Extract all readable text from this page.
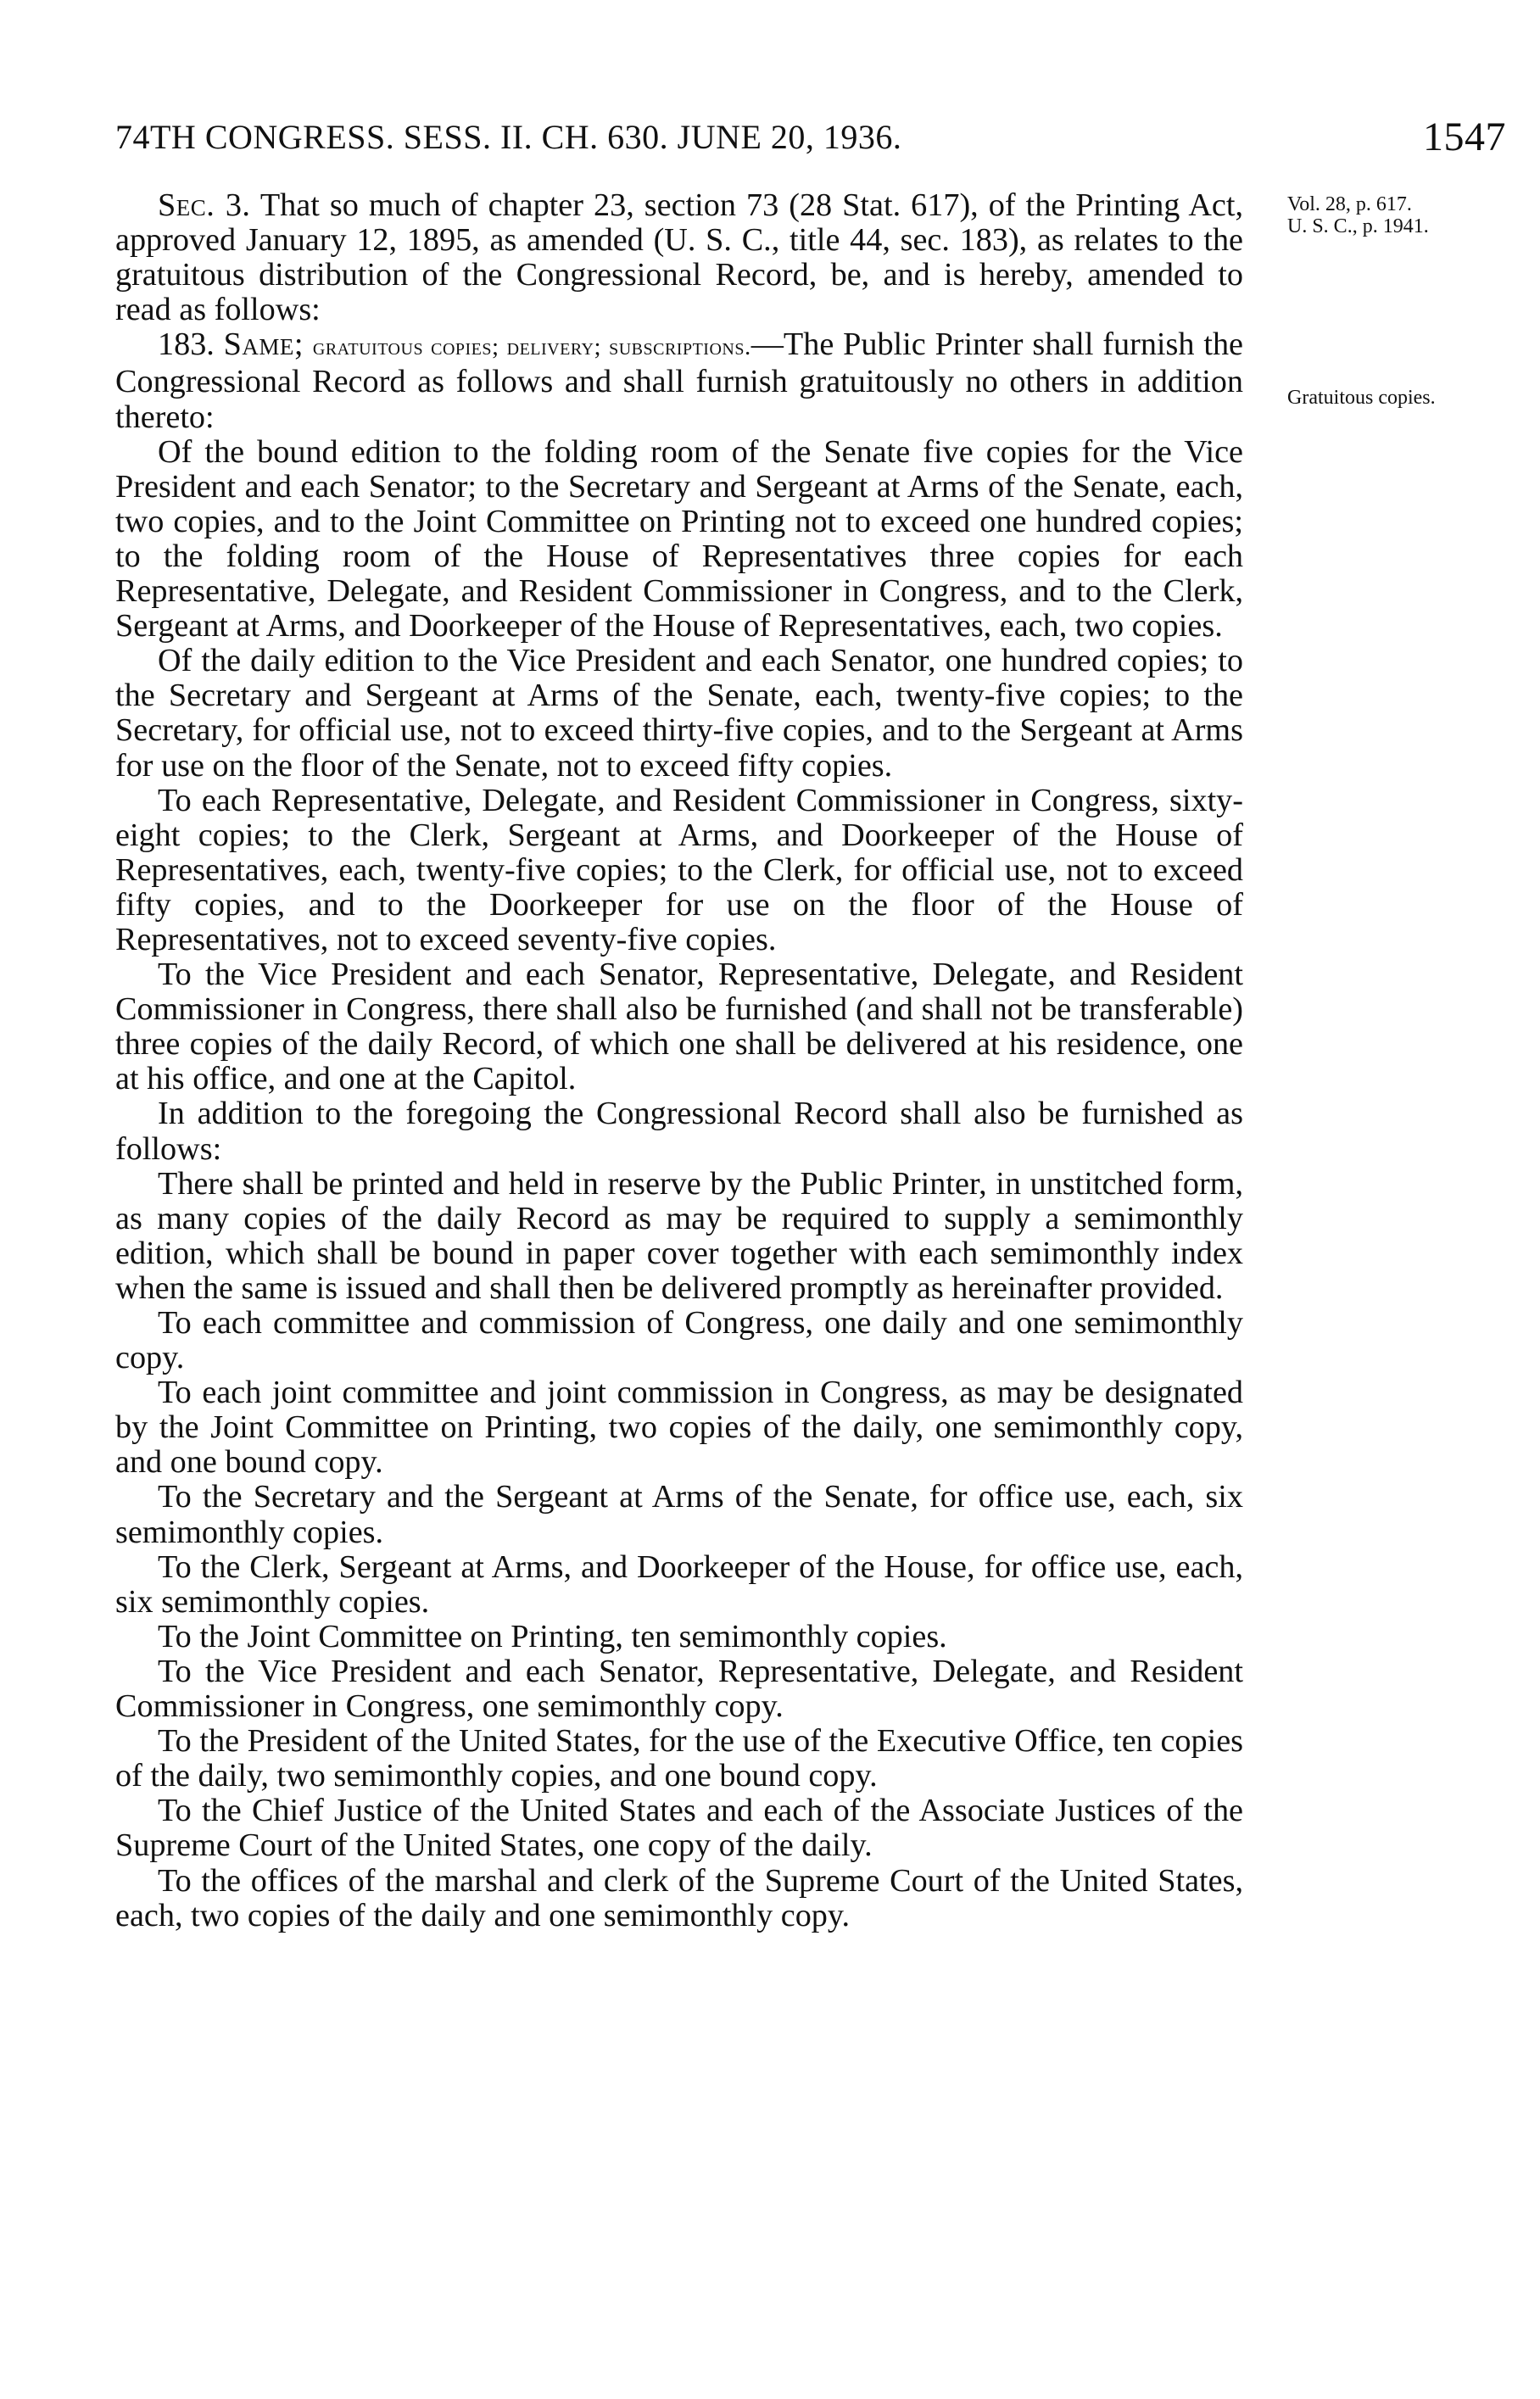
74TH CONGRESS. SESS. II. CH. 630. JUNE 20, 1936.	1547
Vol. 28, p. 617.
U. S. C., p. 1941.
Gratuitous copies.

Sec. 3. That so much of chapter 23, section 73 (28 Stat. 617), of the Printing Act, approved January 12, 1895, as amended (U. S. C., title 44, sec. 183), as relates to the gratuitous distribution of the Congressional Record, be, and is hereby, amended to read as follows:

183. Same; gratuitous copies; delivery; subscriptions.—The Public Printer shall furnish the Congressional Record as follows and shall furnish gratuitously no others in addition thereto:

Of the bound edition to the folding room of the Senate five copies for the Vice President and each Senator; to the Secretary and Sergeant at Arms of the Senate, each, two copies, and to the Joint Committee on Printing not to exceed one hundred copies; to the folding room of the House of Representatives three copies for each Representative, Delegate, and Resident Commissioner in Congress, and to the Clerk, Sergeant at Arms, and Doorkeeper of the House of Representatives, each, two copies.

Of the daily edition to the Vice President and each Senator, one hundred copies; to the Secretary and Sergeant at Arms of the Senate, each, twenty-five copies; to the Secretary, for official use, not to exceed thirty-five copies, and to the Sergeant at Arms for use on the floor of the Senate, not to exceed fifty copies.

To each Representative, Delegate, and Resident Commissioner in Congress, sixty-eight copies; to the Clerk, Sergeant at Arms, and Doorkeeper of the House of Representatives, each, twenty-five copies; to the Clerk, for official use, not to exceed fifty copies, and to the Doorkeeper for use on the floor of the House of Representatives, not to exceed seventy-five copies.

To the Vice President and each Senator, Representative, Delegate, and Resident Commissioner in Congress, there shall also be furnished (and shall not be transferable) three copies of the daily Record, of which one shall be delivered at his residence, one at his office, and one at the Capitol.

In addition to the foregoing the Congressional Record shall also be furnished as follows:

There shall be printed and held in reserve by the Public Printer, in unstitched form, as many copies of the daily Record as may be required to supply a semimonthly edition, which shall be bound in paper cover together with each semimonthly index when the same is issued and shall then be delivered promptly as hereinafter provided.

To each committee and commission of Congress, one daily and one semimonthly copy.

To each joint committee and joint commission in Congress, as may be designated by the Joint Committee on Printing, two copies of the daily, one semimonthly copy, and one bound copy.

To the Secretary and the Sergeant at Arms of the Senate, for office use, each, six semimonthly copies.

To the Clerk, Sergeant at Arms, and Doorkeeper of the House, for office use, each, six semimonthly copies.

To the Joint Committee on Printing, ten semimonthly copies.

To the Vice President and each Senator, Representative, Delegate, and Resident Commissioner in Congress, one semimonthly copy.

To the President of the United States, for the use of the Executive Office, ten copies of the daily, two semimonthly copies, and one bound copy.

To the Chief Justice of the United States and each of the Associate Justices of the Supreme Court of the United States, one copy of the daily.

To the offices of the marshal and clerk of the Supreme Court of the United States, each, two copies of the daily and one semimonthly copy.
